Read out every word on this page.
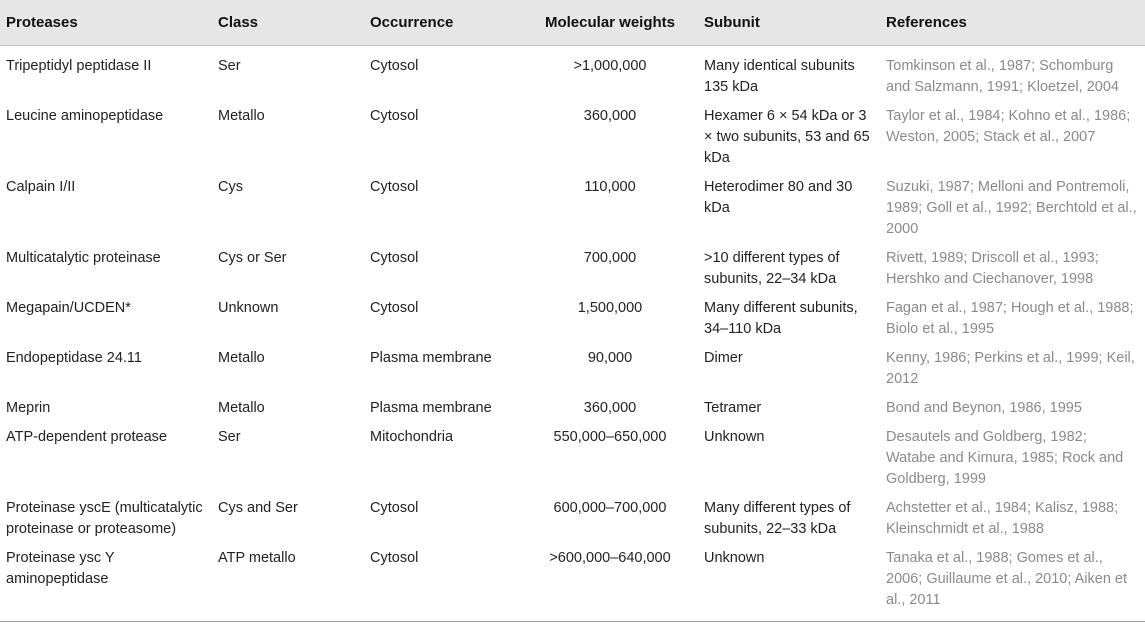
Proteases	Class	Occurrence	Molecular weights	Subunit	References
Tripeptidyl peptidase II	Ser	Cytosol	>1,000,000	Many identical subunits 135 kDa	Tomkinson et al., 1987; Schomburg and Salzmann, 1991; Kloetzel, 2004
Leucine aminopeptidase	Metallo	Cytosol	360,000	Hexamer 6 × 54 kDa or 3 × two subunits, 53 and 65 kDa	Taylor et al., 1984; Kohno et al., 1986; Weston, 2005; Stack et al., 2007
Calpain I/II	Cys	Cytosol	110,000	Heterodimer 80 and 30 kDa	Suzuki, 1987; Melloni and Pontremoli, 1989; Goll et al., 1992; Berchtold et al., 2000
Multicatalytic proteinase	Cys or Ser	Cytosol	700,000	>10 different types of subunits, 22–34 kDa	Rivett, 1989; Driscoll et al., 1993; Hershko and Ciechanover, 1998
Megapain/UCDEN*	Unknown	Cytosol	1,500,000	Many different subunits, 34–110 kDa	Fagan et al., 1987; Hough et al., 1988; Biolo et al., 1995
Endopeptidase 24.11	Metallo	Plasma membrane	90,000	Dimer	Kenny, 1986; Perkins et al., 1999; Keil, 2012
Meprin	Metallo	Plasma membrane	360,000	Tetramer	Bond and Beynon, 1986, 1995
ATP-dependent protease	Ser	Mitochondria	550,000–650,000	Unknown	Desautels and Goldberg, 1982; Watabe and Kimura, 1985; Rock and Goldberg, 1999
Proteinase yscE (multicatalytic proteinase or proteasome)	Cys and Ser	Cytosol	600,000–700,000	Many different types of subunits, 22–33 kDa	Achstetter et al., 1984; Kalisz, 1988; Kleinschmidt et al., 1988
Proteinase ysc Y aminopeptidase	ATP metallo	Cytosol	>600,000–640,000	Unknown	Tanaka et al., 1988; Gomes et al., 2006; Guillaume et al., 2010; Aiken et al., 2011
